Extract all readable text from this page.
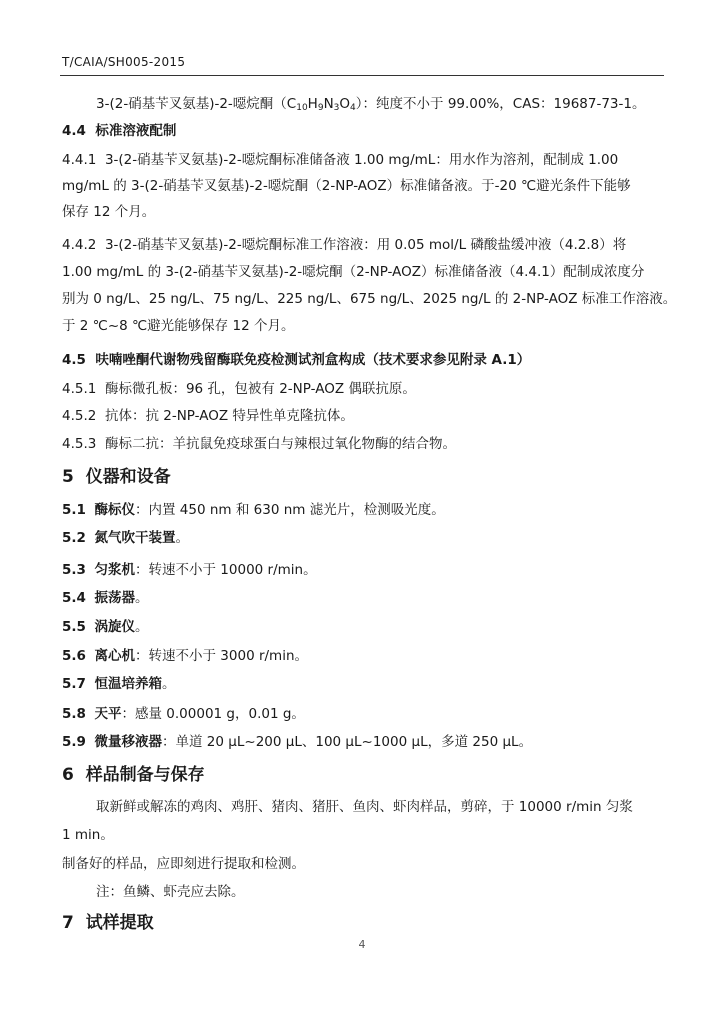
T/CAIA/SH005-2015
3-(2-硝基苄叉氨基)-2-噁烷酮$(C_{10}H_9N_3O_4)$：纯度不小于 99.00%，CAS：19687-73-1。
4.4 标准溶液配制
4.4.1 3-(2-硝基苄叉氨基)-2-噁烷酮标准储备液 1.00 mg/mL：用水作为溶剂，配制成 1.00
mg/mL 的 3-(2-硝基苄叉氨基)-2-噁烷酮（2-NP-AOZ）标准储备液。于-20 ℃避光条件下能够
保存 12 个月。
4.4.2 3-(2-硝基苄叉氨基)-2-噁烷酮标准工作溶液：用 0.05 mol/L 磷酸盐缓冲液（4.2.8）将
1.00 mg/mL 的 3-(2-硝基苄叉氨基)-2-噁烷酮（2-NP-AOZ）标准储备液（4.4.1）配制成浓度分
别为 0 ng/L、25 ng/L、75 ng/L、225 ng/L、675 ng/L、2025 ng/L 的 2-NP-AOZ 标准工作溶液。
于 2 ℃~8 ℃避光能够保存 12 个月。
4.5 呋喃唑酮代谢物残留酶联免疫检测试剂盒构成（技术要求参见附录 A.1）
4.5.1 酶标微孔板：96 孔，包被有 2-NP-AOZ 偶联抗原。
4.5.2 抗体：抗 2-NP-AOZ 特异性单克隆抗体。
4.5.3 酶标二抗：羊抗鼠免疫球蛋白与辣根过氧化物酶的结合物。
5 仪器和设备
5.1 酶标仪：内置 450 nm 和 630 nm 滤光片，检测吸光度。
5.2 氮气吹干装置。
5.3 匀浆机：转速不小于 10000 r/min。
5.4 振荡器。
5.5 涡旋仪。
5.6 离心机：转速不小于 3000 r/min。
5.7 恒温培养箱。
5.8 天平：感量 0.00001 g，0.01 g。
5.9 微量移液器：单道 20 μL~200 μL、100 μL~1000 μL，多道 250 μL。
6 样品制备与保存
取新鲜或解冻的鸡肉、鸡肝、猪肉、猪肝、鱼肉、虾肉样品，剪碎，于 10000 r/min 匀浆
1 min。
制备好的样品，应即刻进行提取和检测。
注：鱼鳞、虾壳应去除。
7 试样提取
4
